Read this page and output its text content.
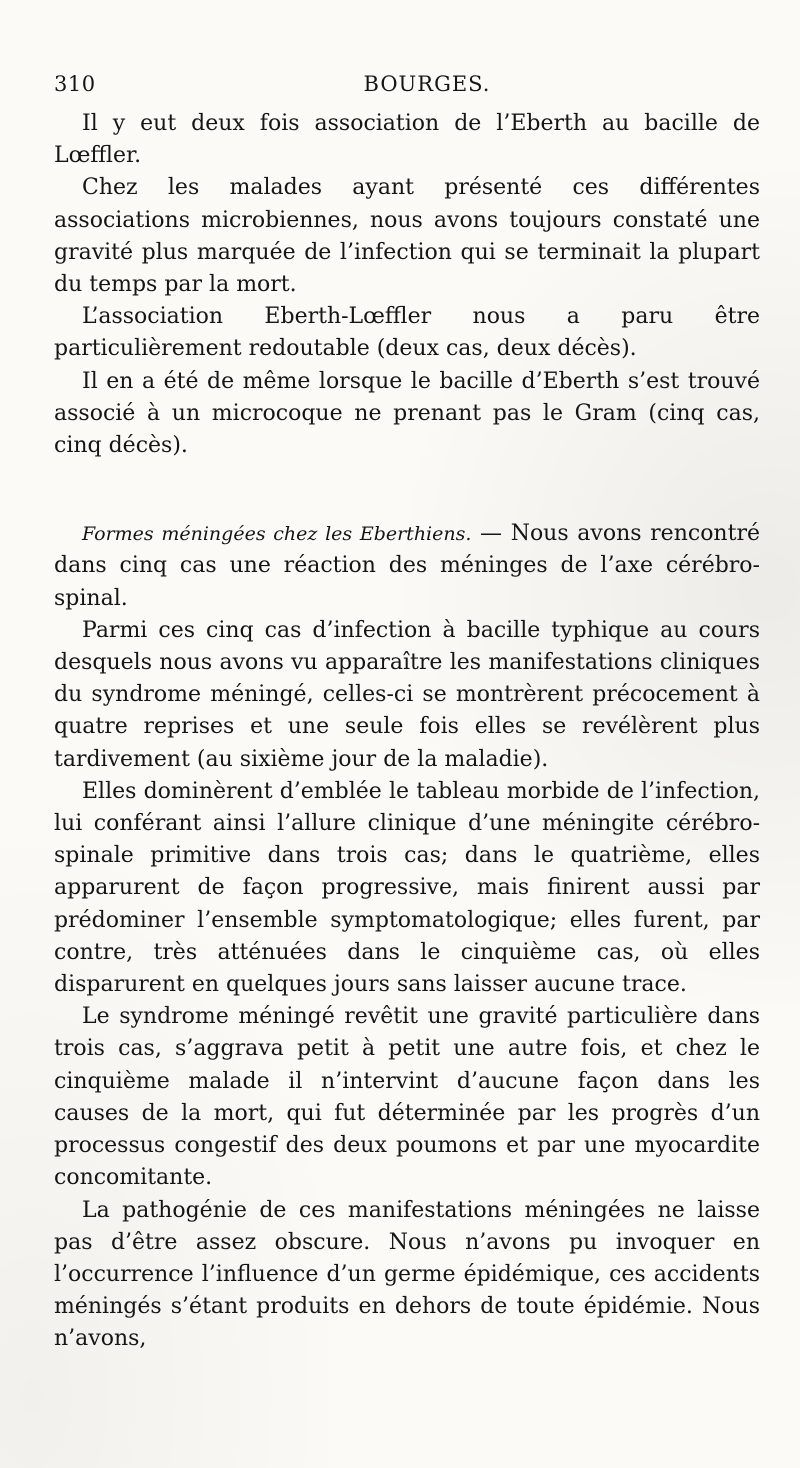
310	BOURGES.

Il y eut deux fois association de l’Eberth au bacille de Lœffler.

Chez les malades ayant présenté ces différentes associations microbiennes, nous avons toujours constaté une gravité plus marquée de l’infection qui se terminait la plupart du temps par la mort.

L’association Eberth-Lœffler nous a paru être particulièrement redoutable (deux cas, deux décès).

Il en a été de même lorsque le bacille d’Eberth s’est trouvé associé à un microcoque ne prenant pas le Gram (cinq cas, cinq décès).

Formes méningées chez les Eberthiens. — Nous avons rencontré dans cinq cas une réaction des méninges de l’axe cérébro-spinal.

Parmi ces cinq cas d’infection à bacille typhique au cours desquels nous avons vu apparaître les manifestations cliniques du syndrome méningé, celles-ci se montrèrent précocement à quatre reprises et une seule fois elles se revélèrent plus tardivement (au sixième jour de la maladie).

Elles dominèrent d’emblée le tableau morbide de l’infection, lui conférant ainsi l’allure clinique d’une méningite cérébro-spinale primitive dans trois cas; dans le quatrième, elles apparurent de façon progressive, mais finirent aussi par prédominer l’ensemble symptomatologique; elles furent, par contre, très atténuées dans le cinquième cas, où elles disparurent en quelques jours sans laisser aucune trace.

Le syndrome méningé revêtit une gravité particulière dans trois cas, s’aggrava petit à petit une autre fois, et chez le cinquième malade il n’intervint d’aucune façon dans les causes de la mort, qui fut déterminée par les progrès d’un processus congestif des deux poumons et par une myocardite concomitante.

La pathogénie de ces manifestations méningées ne laisse pas d’être assez obscure. Nous n’avons pu invoquer en l’occurrence l’influence d’un germe épidémique, ces accidents méningés s’étant produits en dehors de toute épidémie. Nous n’avons,
